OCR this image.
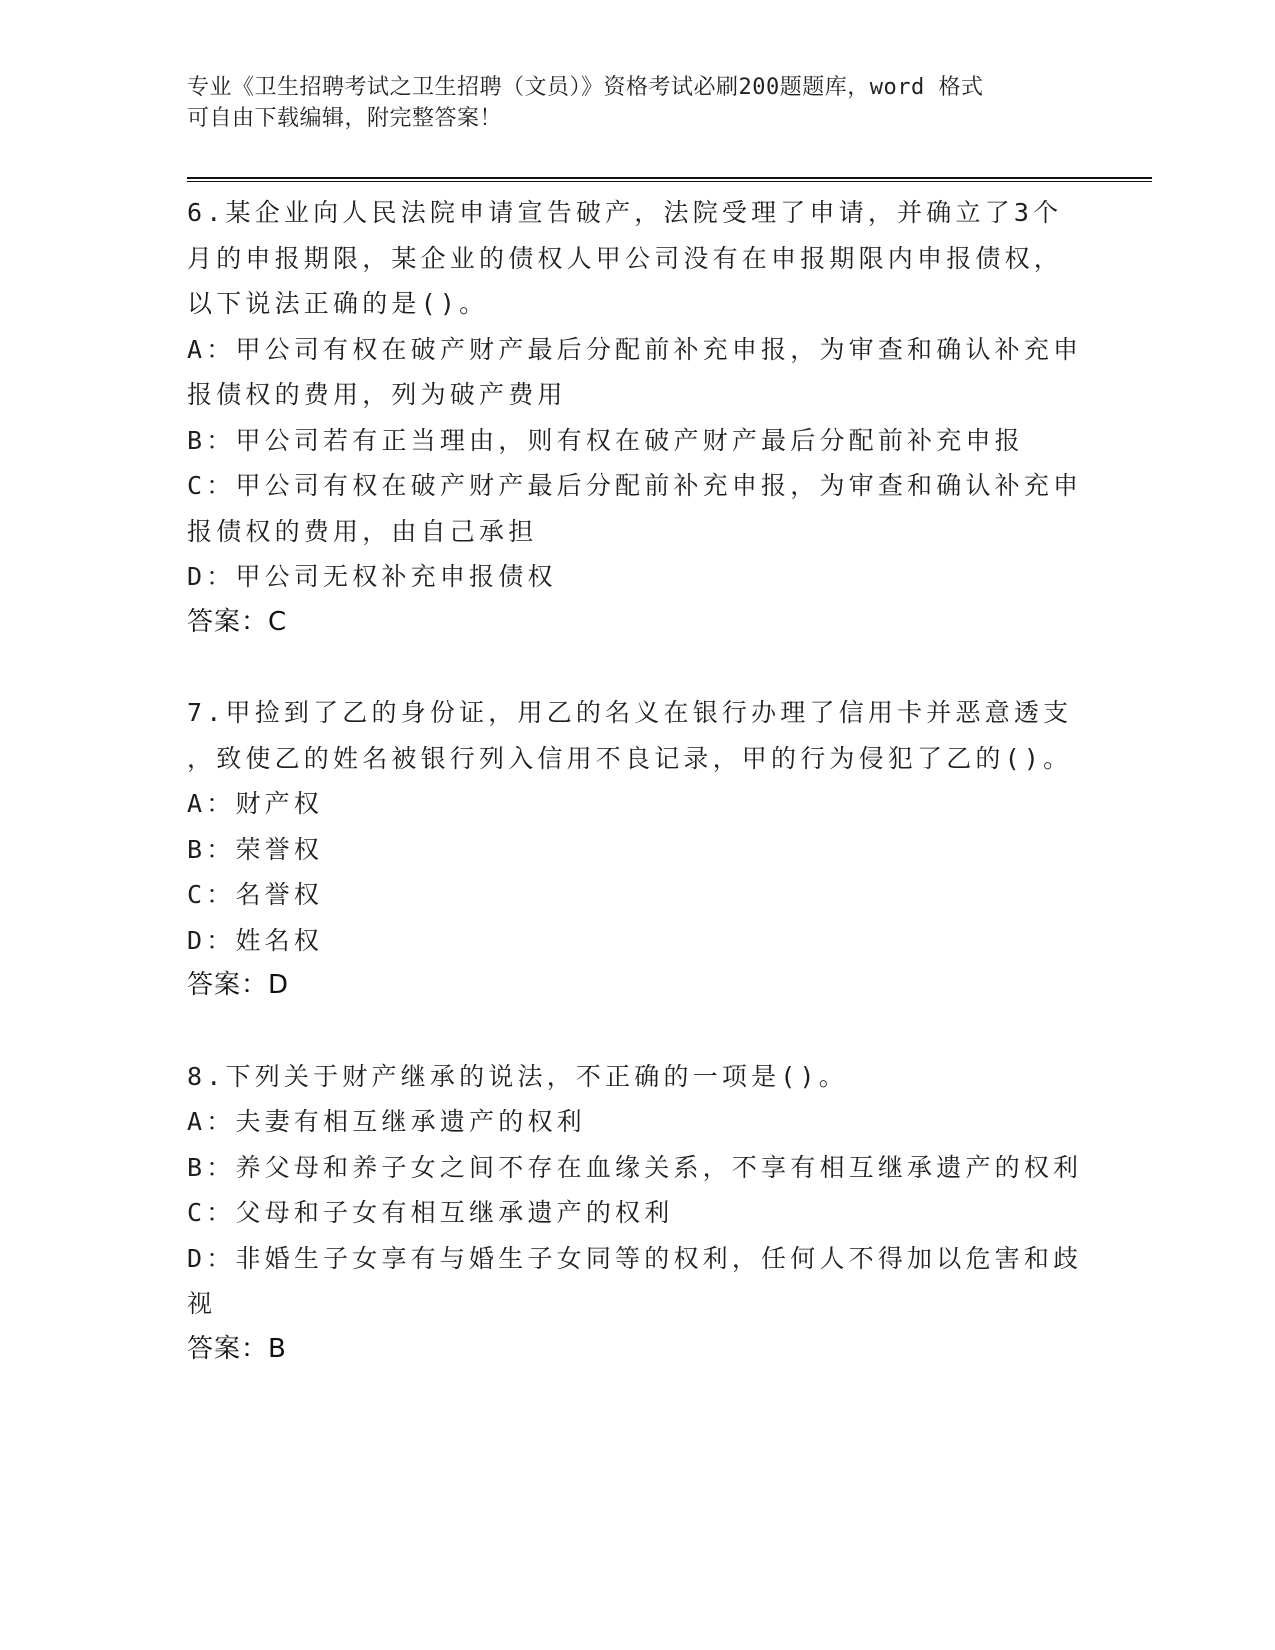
专业《卫生招聘考试之卫生招聘（文员）》资格考试必刷200题题库，word 格式
可自由下载编辑，附完整答案！
6.某企业向人民法院申请宣告破产，法院受理了申请，并确立了3个
月的申报期限，某企业的债权人甲公司没有在申报期限内申报债权，
以下说法正确的是()。
A：甲公司有权在破产财产最后分配前补充申报，为审查和确认补充申
报债权的费用，列为破产费用
B：甲公司若有正当理由，则有权在破产财产最后分配前补充申报
C：甲公司有权在破产财产最后分配前补充申报，为审查和确认补充申
报债权的费用，由自己承担
D：甲公司无权补充申报债权
答案：C
7.甲捡到了乙的身份证，用乙的名义在银行办理了信用卡并恶意透支
，致使乙的姓名被银行列入信用不良记录，甲的行为侵犯了乙的()。
A：财产权
B：荣誉权
C：名誉权
D：姓名权
答案：D
8.下列关于财产继承的说法，不正确的一项是()。
A：夫妻有相互继承遗产的权利
B：养父母和养子女之间不存在血缘关系，不享有相互继承遗产的权利
C：父母和子女有相互继承遗产的权利
D：非婚生子女享有与婚生子女同等的权利，任何人不得加以危害和歧
视
答案：B
